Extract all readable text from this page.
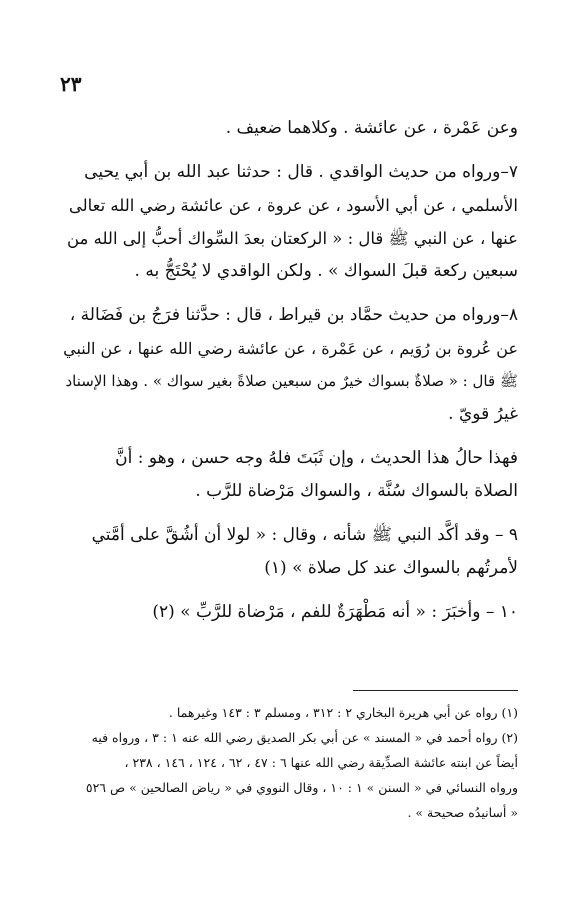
٢٣

وعن عَمْرة ، عن عائشة . وكلاهما ضعيف .

٧–ورواه من حديث الواقدي . قال : حدثنا عبد الله بن أبي يحيى
الأسلمي ، عن أبي الأسود ، عن عروة ، عن عائشة رضي الله تعالى
عنها ، عن النبي ﷺ قال : « الركعتان بعدَ السِّواك أحبُّ إلى الله من
سبعين ركعة قبلَ السواك » . ولكن الواقدي لا يُحْتَجُّ به .

٨–ورواه من حديث حمَّاد بن قيراط ، قال : حدَّثنا فرَجُ بن فَضَالة ،
عن عُروة بن رُوَيم ، عن عَمْرة ، عن عائشة رضي الله عنها ، عن النبي
ﷺ قال : « صلاةٌ بسواك خيرٌ من سبعين صلاةً بغير سواك » . وهذا الإسناد
غيرُ قويّ .

فهذا حالُ هذا الحديث ، وإن ثَبَتَ فلهُ وجه حسن ، وهو : أنَّ
الصلاة بالسواك سُنَّة ، والسواك مَرْضاة للرَّب .

٩ – وقد أكَّد النبي ﷺ شأنه ، وقال : « لولا أن أشُقَّ على أمَّتي
لأمرتُهم بالسواك عند كل صلاة » (١)

١٠ – وأخبَرَ : « أنه مَطْهَرَةٌ للفم ، مَرْضاة للرَّبِّ » (٢)

(١) رواه عن أبي هريرة البخاري ٢ : ٣١٢ ، ومسلم ٣ : ١٤٣ وغيرهما .

(٢) رواه أحمد في « المسند » عن أبي بكر الصديق رضي الله عنه ١ : ٣ ، ورواه فيه
أيضاً عن ابنته عائشة الصدِّيقة رضي الله عنها ٦ : ٤٧ ، ٦٢ ، ١٢٤ ، ١٤٦ ، ٢٣٨ ،
ورواه النسائي في « السنن » ١ : ١٠ ، وقال النووي في « رياض الصالحين » ص ٥٢٦
« أسانيدُه صحيحة » .
